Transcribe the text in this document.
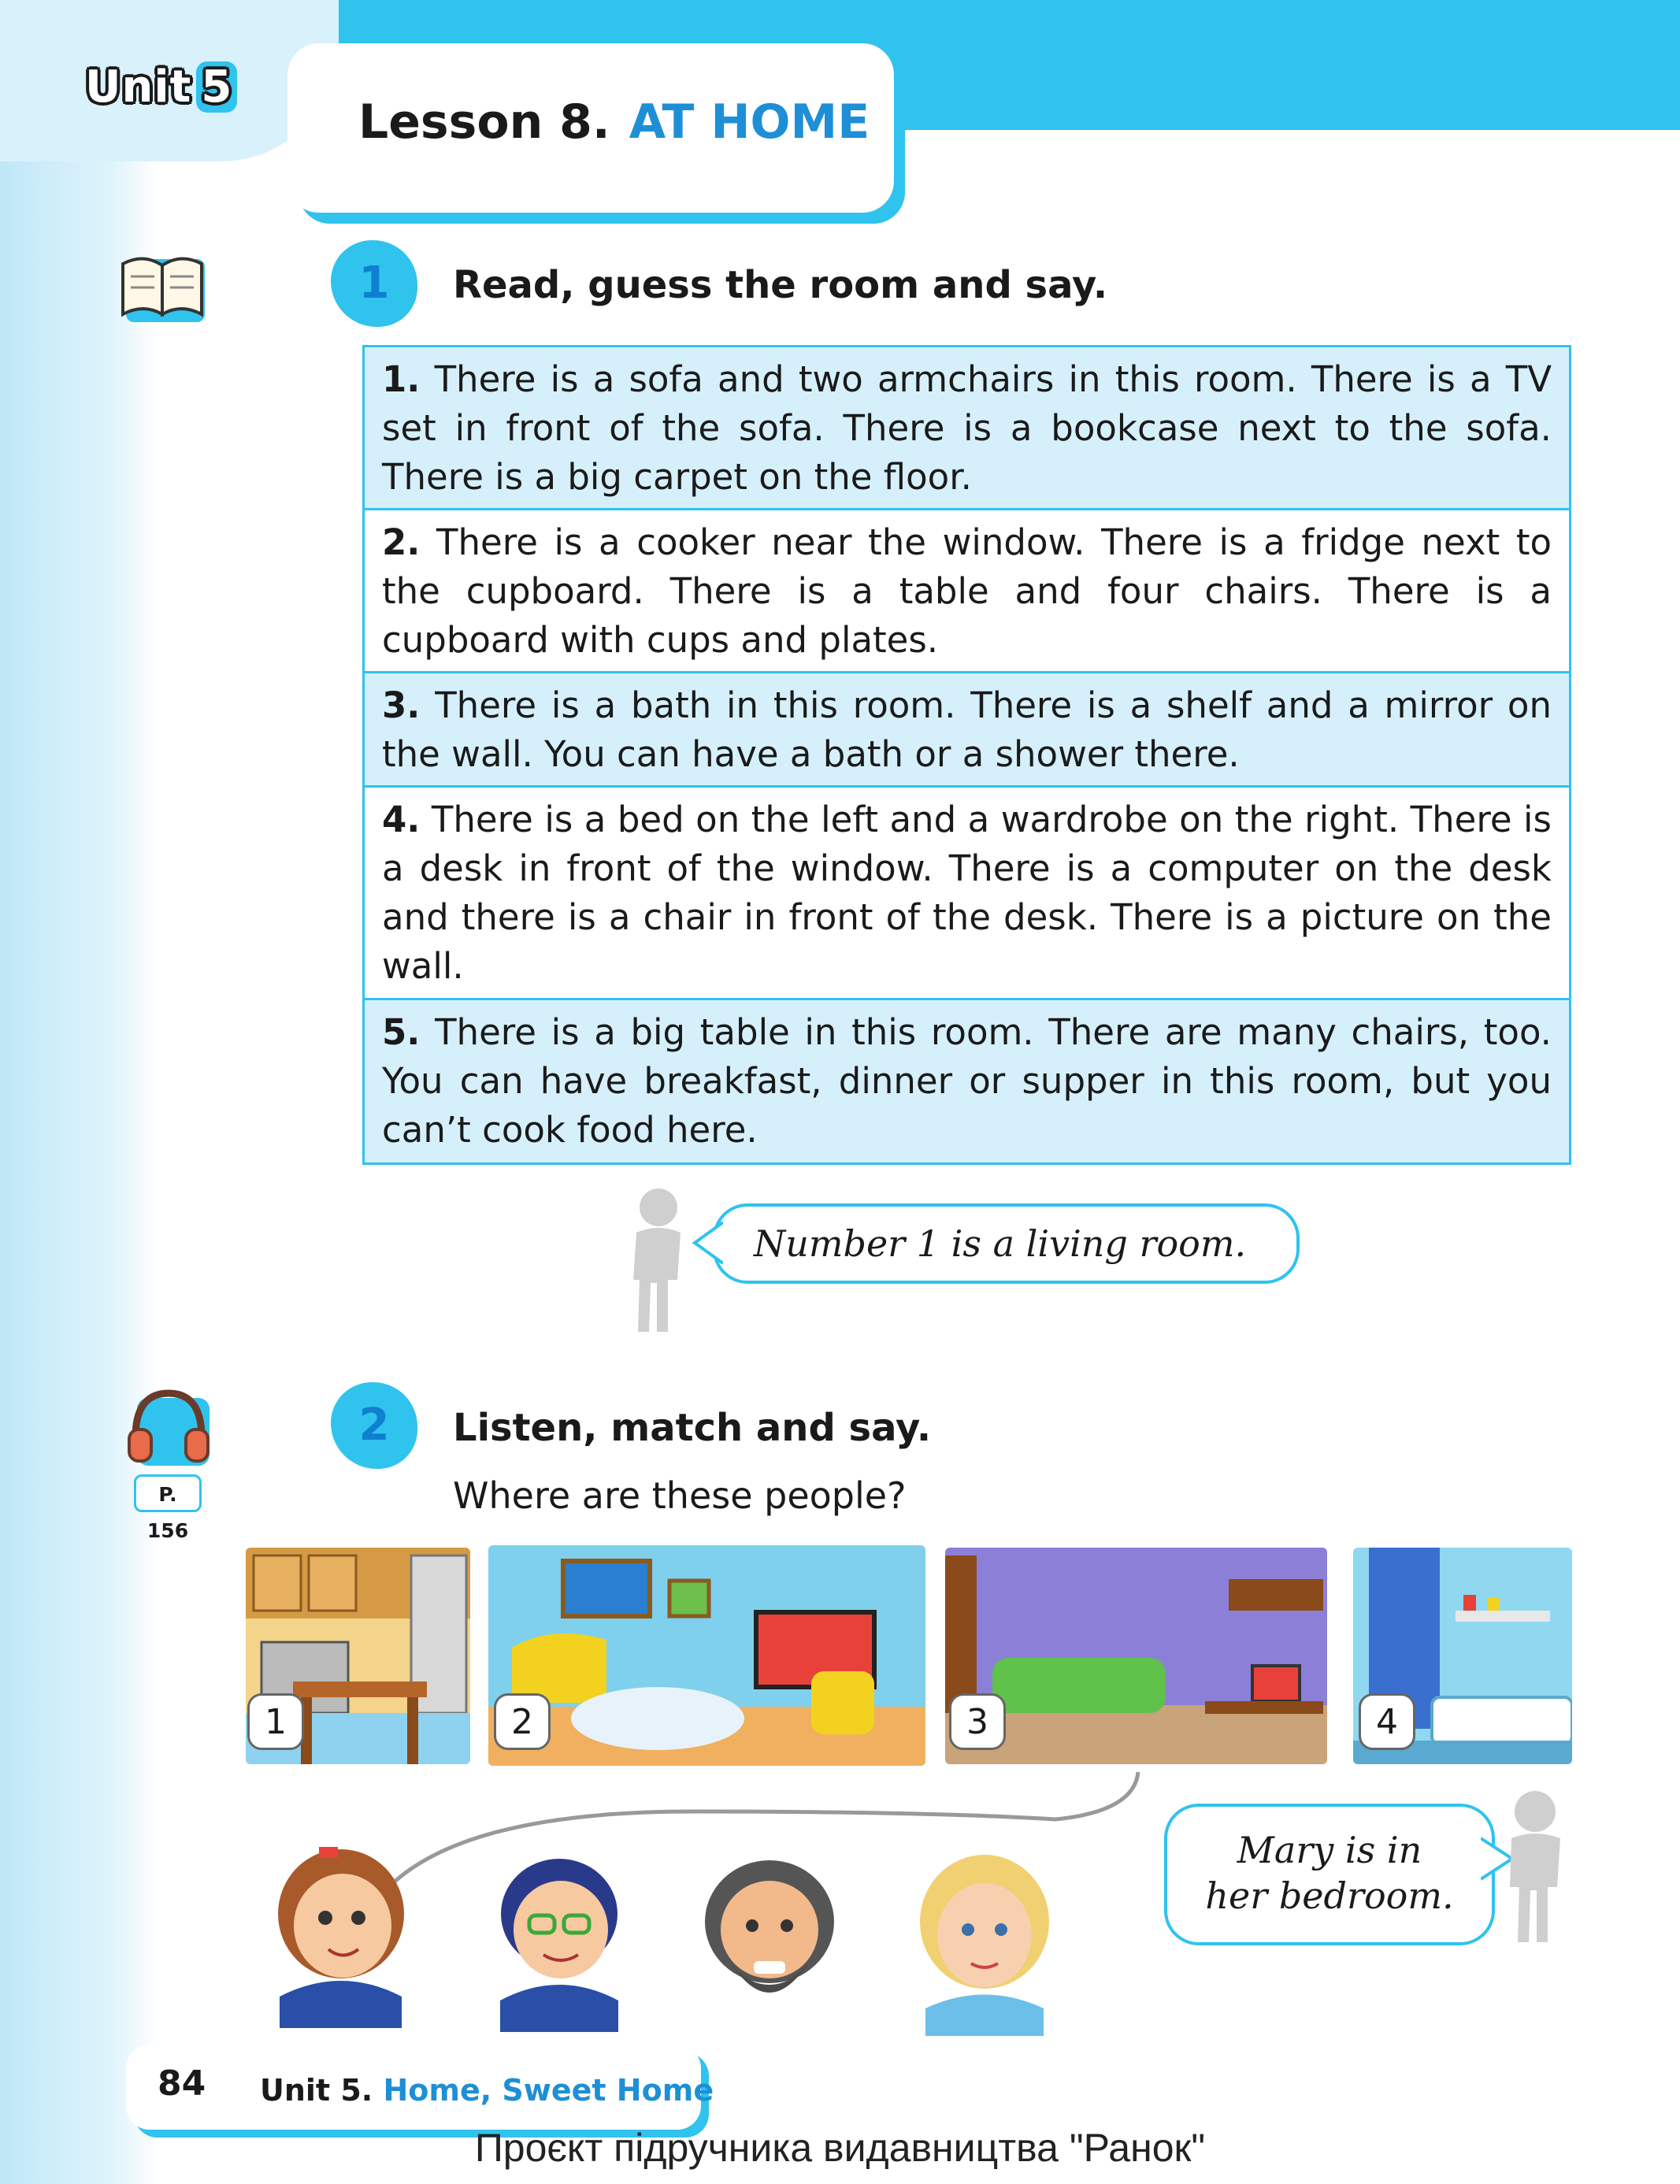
Unit 5
Lesson 8. AT HOME
1	Read, guess the room and say.
1. There is a sofa and two armchairs in this room. There is a TV set in front of the sofa. There is a bookcase next to the sofa. There is a big carpet on the floor.
2. There is a cooker near the window. There is a fridge next to the cupboard. There is a table and four chairs. There is a cupboard with cups and plates.
3. There is a bath in this room. There is a shelf and a mirror on the wall. You can have a bath or a shower there.
4. There is a bed on the left and a wardrobe on the right. There is a desk in front of the window. There is a computer on the desk and there is a chair in front of the desk. There is a picture on the wall.
5. There is a big table in this room. There are many chairs, too. You can have breakfast, dinner or supper in this room, but you can’t cook food here.
Number 1 is a living room.
P. 156
2	Listen, match and say.
Where are these people?
1	2	3	4
Mary is in
her bedroom.
84 Unit 5. Home, Sweet Home
Проєкт підручника видавництва "Ранок"
